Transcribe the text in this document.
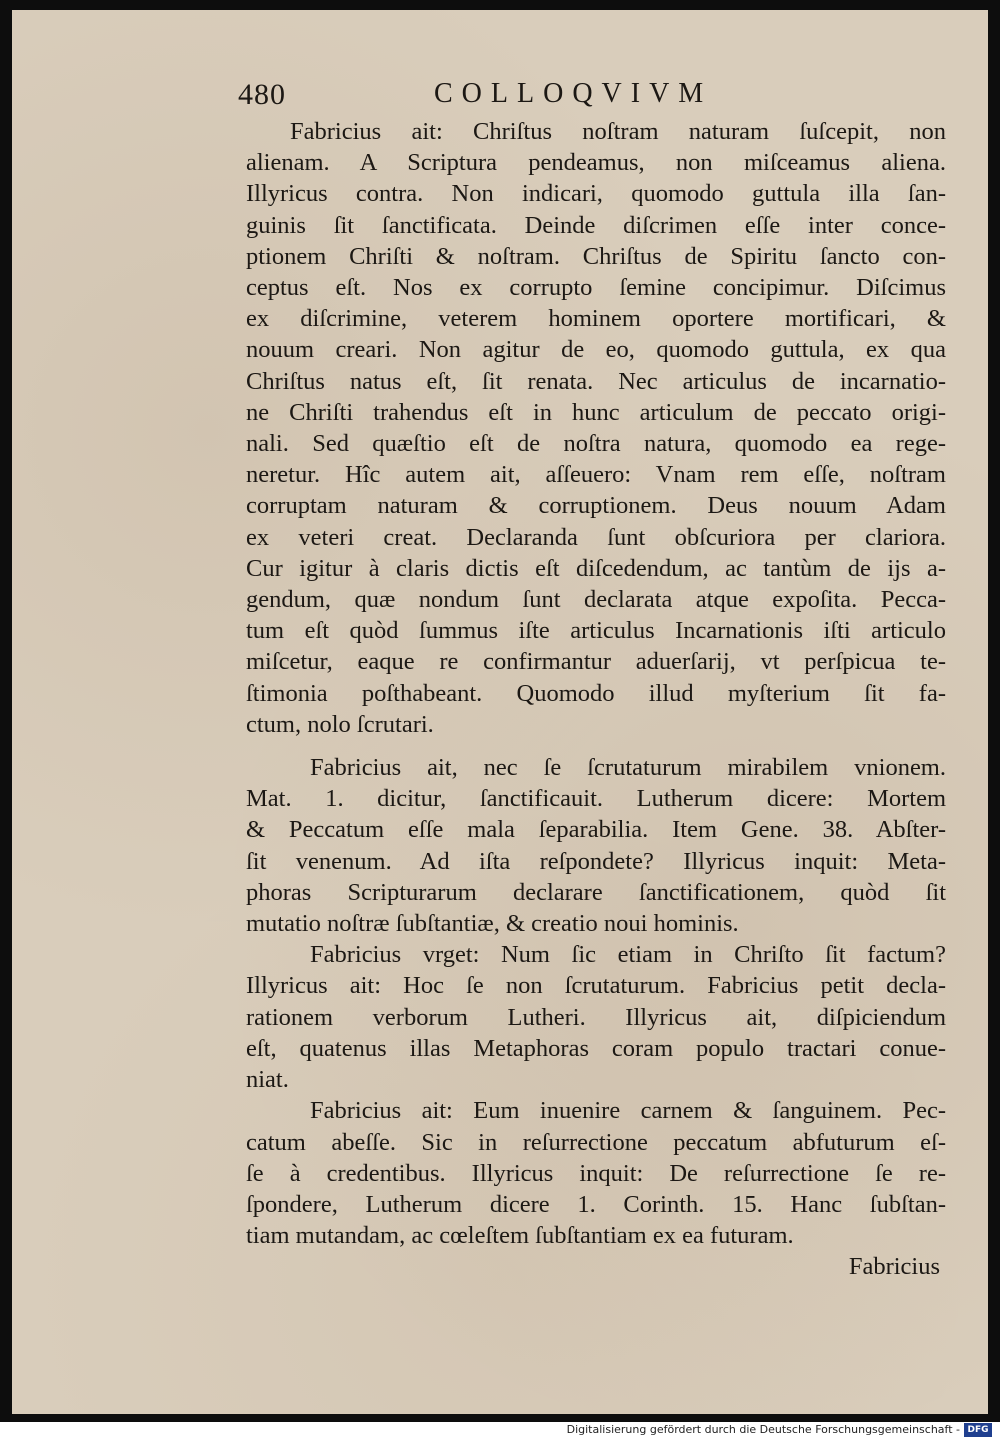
480	COLLOQVIVM
Fabricius ait: Chriſtus noſtram naturam ſuſcepit, non
alienam. A Scriptura pendeamus, non miſceamus aliena.
Illyricus contra. Non indicari, quomodo guttula illa ſan-
guinis ſit ſanctificata. Deinde diſcrimen eſſe inter conce-
ptionem Chriſti & noſtram. Chriſtus de Spiritu ſancto con-
ceptus eſt. Nos ex corrupto ſemine concipimur. Diſcimus
ex diſcrimine, veterem hominem oportere mortificari, &
nouum creari. Non agitur de eo, quomodo guttula, ex qua
Chriſtus natus eſt, ſit renata. Nec articulus de incarnatio-
ne Chriſti trahendus eſt in hunc articulum de peccato origi-
nali. Sed quæſtio eſt de noſtra natura, quomodo ea rege-
neretur. Hîc autem ait, aſſeuero: Vnam rem eſſe, noſtram
corruptam naturam & corruptionem. Deus nouum Adam
ex veteri creat. Declaranda ſunt obſcuriora per clariora.
Cur igitur à claris dictis eſt diſcedendum, ac tantùm de ijs a-
gendum, quæ nondum ſunt declarata atque expoſita. Pecca-
tum eſt quòd ſummus iſte articulus Incarnationis iſti articulo
miſcetur, eaque re confirmantur aduerſarij, vt perſpicua te-
ſtimonia poſthabeant. Quomodo illud myſterium ſit fa-
ctum, nolo ſcrutari.
Fabricius ait, nec ſe ſcrutaturum mirabilem vnionem.
Mat. 1. dicitur, ſanctificauit. Lutherum dicere: Mortem
& Peccatum eſſe mala ſeparabilia. Item Gene. 38. Abſter-
ſit venenum. Ad iſta reſpondete? Illyricus inquit: Meta-
phoras Scripturarum declarare ſanctificationem, quòd ſit
mutatio noſtræ ſubſtantiæ, & creatio noui hominis.
Fabricius vrget: Num ſic etiam in Chriſto ſit factum?
Illyricus ait: Hoc ſe non ſcrutaturum. Fabricius petit decla-
rationem verborum Lutheri. Illyricus ait, diſpiciendum
eſt, quatenus illas Metaphoras coram populo tractari conue-
niat.
Fabricius ait: Eum inuenire carnem & ſanguinem. Pec-
catum abeſſe. Sic in reſurrectione peccatum abfuturum eſ-
ſe à credentibus. Illyricus inquit: De reſurrectione ſe re-
ſpondere, Lutherum dicere 1. Corinth. 15. Hanc ſubſtan-
tiam mutandam, ac cœleſtem ſubſtantiam ex ea futuram.
Fabricius
Digitalisierung gefördert durch die Deutsche Forschungsgemeinschaft - DFG
